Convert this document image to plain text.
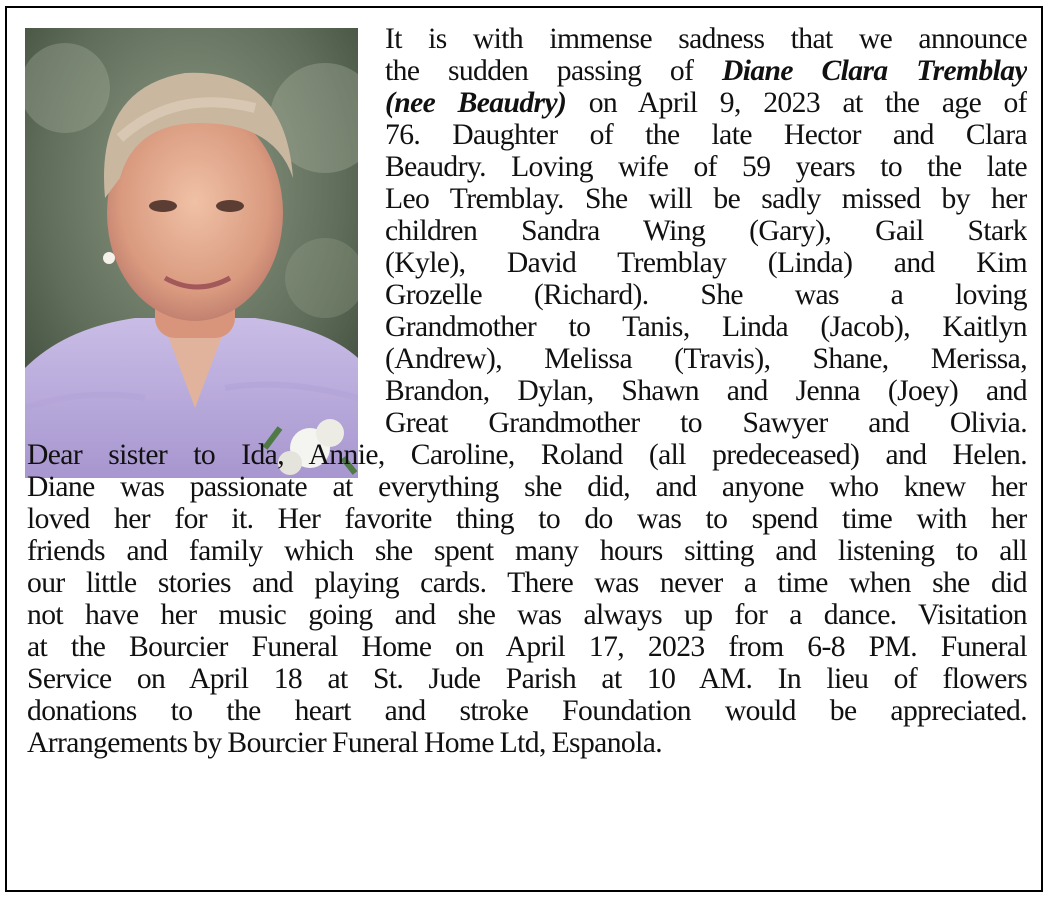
It is with immense sadness that we announce
the sudden passing of Diane Clara Tremblay
(nee Beaudry) on April 9, 2023 at the age of
76. Daughter of the late Hector and Clara
Beaudry. Loving wife of 59 years to the late
Leo Tremblay. She will be sadly missed by her
children Sandra Wing (Gary), Gail Stark
(Kyle), David Tremblay (Linda) and Kim
Grozelle (Richard). She was a loving
Grandmother to Tanis, Linda (Jacob), Kaitlyn
(Andrew), Melissa (Travis), Shane, Merissa,
Brandon, Dylan, Shawn and Jenna (Joey) and
Great Grandmother to Sawyer and Olivia.
Dear sister to Ida, Annie, Caroline, Roland (all predeceased) and Helen.
Diane was passionate at everything she did, and anyone who knew her
loved her for it. Her favorite thing to do was to spend time with her
friends and family which she spent many hours sitting and listening to all
our little stories and playing cards. There was never a time when she did
not have her music going and she was always up for a dance. Visitation
at the Bourcier Funeral Home on April 17, 2023 from 6-8 PM. Funeral
Service on April 18 at St. Jude Parish at 10 AM. In lieu of flowers
donations to the heart and stroke Foundation would be appreciated.
Arrangements by Bourcier Funeral Home Ltd, Espanola.
